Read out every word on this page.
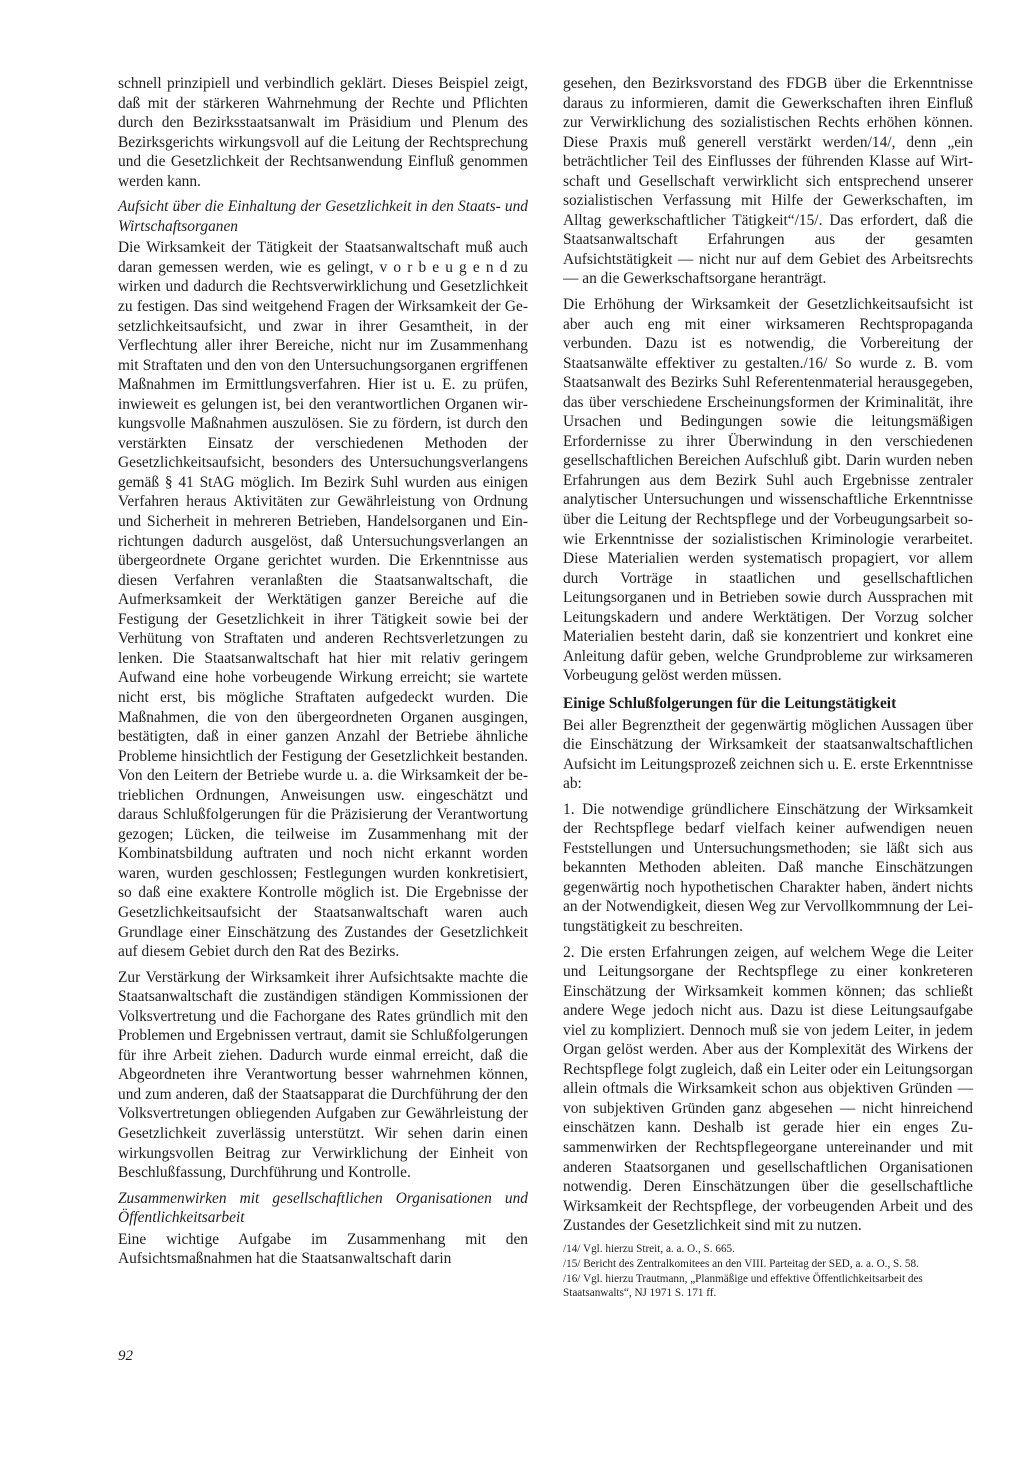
schnell prinzipiell und verbindlich geklärt. Dieses Beispiel zeigt, daß mit der stärkeren Wahrnehmung der Rechte und Pflichten durch den Bezirksstaatsanwalt im Präsidium und Plenum des Bezirksgerichts wirkungsvoll auf die Leitung der Rechtsprechung und die Gesetzlichkeit der Rechtsanwendung Einfluß genommen werden kann.

Aufsicht über die Einhaltung der Gesetzlichkeit in den Staats- und Wirtschaftsorganen

Die Wirksamkeit der Tätigkeit der Staatsanwaltschaft muß auch daran gemessen werden, wie es gelingt, v o r b e u g e n d zu wirken und dadurch die Rechtsverwirklichung und Gesetzlichkeit zu festigen. Das sind weitgehend Fragen der Wirksamkeit der Gesetzlichkeitsaufsicht, und zwar in ihrer Gesamtheit, in der Verflechtung aller ihrer Bereiche, nicht nur im Zusammenhang mit Straftaten und den von den Untersuchungsorganen ergriffenen Maßnahmen im Ermittlungsverfahren. Hier ist u. E. zu prüfen, inwieweit es gelungen ist, bei den verantwortlichen Organen wirkungsvolle Maßnahmen auszulösen. Sie zu fördern, ist durch den verstärkten Einsatz der verschiedenen Methoden der Gesetzlichkeitsaufsicht, besonders des Untersuchungsverlangens gemäß § 41 StAG möglich. Im Bezirk Suhl wurden aus einigen Verfahren heraus Aktivitäten zur Gewährleistung von Ordnung und Sicherheit in mehreren Betrieben, Handelsorganen und Einrichtungen dadurch ausgelöst, daß Untersuchungsverlangen an übergeordnete Organe gerichtet wurden. Die Erkenntnisse aus diesen Verfahren veranlaßten die Staatsanwaltschaft, die Aufmerksamkeit der Werktätigen ganzer Bereiche auf die Festigung der Gesetzlichkeit in ihrer Tätigkeit sowie bei der Verhütung von Straftaten und anderen Rechtsverletzungen zu lenken. Die Staatsanwaltschaft hat hier mit relativ geringem Aufwand eine hohe vorbeugende Wirkung erreicht; sie wartete nicht erst, bis mögliche Straftaten aufgedeckt wurden. Die Maßnahmen, die von den übergeordneten Organen ausgingen, bestätigten, daß in einer ganzen Anzahl der Betriebe ähnliche Probleme hinsichtlich der Festigung der Gesetzlichkeit bestanden. Von den Leitern der Betriebe wurde u. a. die Wirksamkeit der betrieblichen Ordnungen, Anweisungen usw. eingeschätzt und daraus Schlußfolgerungen für die Präzisierung der Verantwortung gezogen; Lücken, die teilweise im Zusammenhang mit der Kombinatsbildung auftraten und noch nicht erkannt worden waren, wurden geschlossen; Festlegungen wurden konkretisiert, so daß eine exaktere Kontrolle möglich ist. Die Ergebnisse der Gesetzlichkeitsaufsicht der Staatsanwaltschaft waren auch Grundlage einer Einschätzung des Zustandes der Gesetzlichkeit auf diesem Gebiet durch den Rat des Bezirks.

Zur Verstärkung der Wirksamkeit ihrer Aufsichtsakte machte die Staatsanwaltschaft die zuständigen ständigen Kommissionen der Volksvertretung und die Fachorgane des Rates gründlich mit den Problemen und Ergebnissen vertraut, damit sie Schlußfolgerungen für ihre Arbeit ziehen. Dadurch wurde einmal erreicht, daß die Abgeordneten ihre Verantwortung besser wahrnehmen können, und zum anderen, daß der Staatsapparat die Durchführung der den Volksvertretungen obliegenden Aufgaben zur Gewährleistung der Gesetzlichkeit zuverlässig unterstützt. Wir sehen darin einen wirkungsvollen Beitrag zur Verwirklichung der Einheit von Beschlußfassung, Durchführung und Kontrolle.

Zusammenwirken mit gesellschaftlichen Organisationen und Öffentlichkeitsarbeit

Eine wichtige Aufgabe im Zusammenhang mit den Aufsichtsmaßnahmen hat die Staatsanwaltschaft darin

gesehen, den Bezirksvorstand des FDGB über die Erkenntnisse daraus zu informieren, damit die Gewerkschaften ihren Einfluß zur Verwirklichung des sozialistischen Rechts erhöhen können. Diese Praxis muß generell verstärkt werden/14/, denn „ein beträchtlicher Teil des Einflusses der führenden Klasse auf Wirtschaft und Gesellschaft verwirklicht sich entsprechend unserer sozialistischen Verfassung mit Hilfe der Gewerkschaften, im Alltag gewerkschaftlicher Tätigkeit“/15/. Das erfordert, daß die Staatsanwaltschaft Erfahrungen aus der gesamten Aufsichtstätigkeit — nicht nur auf dem Gebiet des Arbeitsrechts — an die Gewerkschaftsorgane heranträgt.

Die Erhöhung der Wirksamkeit der Gesetzlichkeitsaufsicht ist aber auch eng mit einer wirksameren Rechtspropaganda verbunden. Dazu ist es notwendig, die Vorbereitung der Staatsanwälte effektiver zu gestalten./16/ So wurde z. B. vom Staatsanwalt des Bezirks Suhl Referentenmaterial herausgegeben, das über verschiedene Erscheinungsformen der Kriminalität, ihre Ursachen und Bedingungen sowie die leitungsmäßigen Erfordernisse zu ihrer Überwindung in den verschiedenen gesellschaftlichen Bereichen Aufschluß gibt. Darin wurden neben Erfahrungen aus dem Bezirk Suhl auch Ergebnisse zentraler analytischer Untersuchungen und wissenschaftliche Erkenntnisse über die Leitung der Rechtspflege und der Vorbeugungsarbeit sowie Erkenntnisse der sozialistischen Kriminologie verarbeitet. Diese Materialien werden systematisch propagiert, vor allem durch Vorträge in staatlichen und gesellschaftlichen Leitungsorganen und in Betrieben sowie durch Aussprachen mit Leitungskadern und andere Werktätigen. Der Vorzug solcher Materialien besteht darin, daß sie konzentriert und konkret eine Anleitung dafür geben, welche Grundprobleme zur wirksameren Vorbeugung gelöst werden müssen.

Einige Schlußfolgerungen für die Leitungstätigkeit

Bei aller Begrenztheit der gegenwärtig möglichen Aussagen über die Einschätzung der Wirksamkeit der staatsanwaltschaftlichen Aufsicht im Leitungsprozeß zeichnen sich u. E. erste Erkenntnisse ab:

1. Die notwendige gründlichere Einschätzung der Wirksamkeit der Rechtspflege bedarf vielfach keiner aufwendigen neuen Feststellungen und Untersuchungsmethoden; sie läßt sich aus bekannten Methoden ableiten. Daß manche Einschätzungen gegenwärtig noch hypothetischen Charakter haben, ändert nichts an der Notwendigkeit, diesen Weg zur Vervollkommnung der Leitungstätigkeit zu beschreiten.

2. Die ersten Erfahrungen zeigen, auf welchem Wege die Leiter und Leitungsorgane der Rechtspflege zu einer konkreteren Einschätzung der Wirksamkeit kommen können; das schließt andere Wege jedoch nicht aus. Dazu ist diese Leitungsaufgabe viel zu kompliziert. Dennoch muß sie von jedem Leiter, in jedem Organ gelöst werden. Aber aus der Komplexität des Wirkens der Rechtspflege folgt zugleich, daß ein Leiter oder ein Leitungsorgan allein oftmals die Wirksamkeit schon aus objektiven Gründen — von subjektiven Gründen ganz abgesehen — nicht hinreichend einschätzen kann. Deshalb ist gerade hier ein enges Zusammenwirken der Rechtspflegeorgane untereinander und mit anderen Staatsorganen und gesellschaftlichen Organisationen notwendig. Deren Einschätzungen über die gesellschaftliche Wirksamkeit der Rechtspflege, der vorbeugenden Arbeit und des Zustandes der Gesetzlichkeit sind mit zu nutzen.

/14/ Vgl. hierzu Streit, a. a. O., S. 665.
/15/ Bericht des Zentralkomitees an den VIII. Parteitag der SED, a. a. O., S. 58.
/16/ Vgl. hierzu Trautmann, „Planmäßige und effektive Öffentlichkeitsarbeit des Staatsanwalts“, NJ 1971 S. 171 ff.
92
